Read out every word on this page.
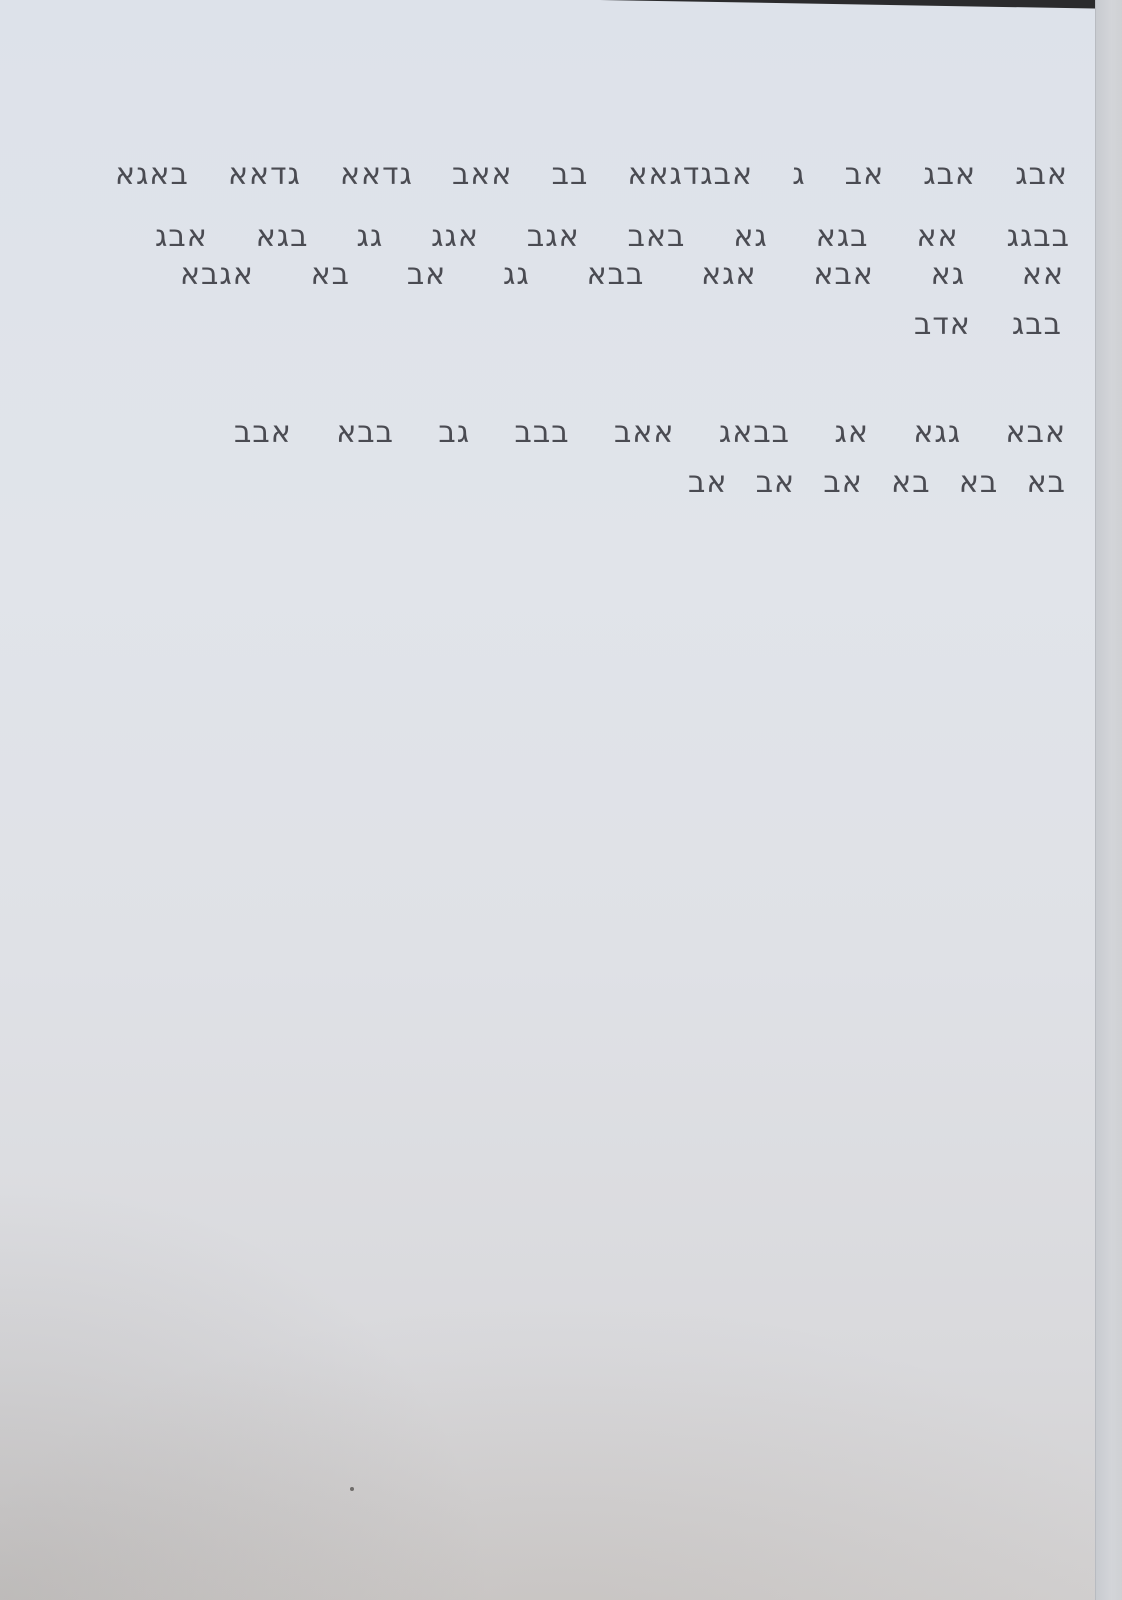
אבג אבג אב ג אבגדגאא בב אאב גדאא גדאא באגא
בבגג אא בגא גא באב אגב אגג גג בגא אבג
אא גא אבא אגא בבא גג אב בא אגבא
בבג אדב
אבא גגא אג בבאג אאב בבב גב בבא אבב
בא בא בא אב אב אב
